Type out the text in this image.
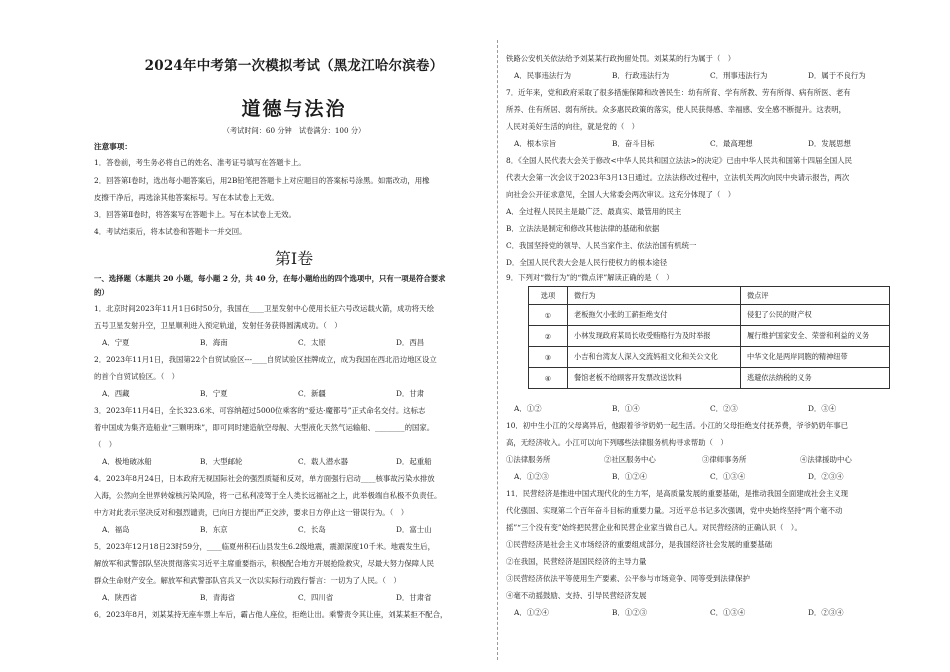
2024年中考第一次模拟考试（黑龙江哈尔滨卷）
道德与法治
（考试时间：60 分钟　试卷满分：100 分）
注意事项：
1．答卷前，考生务必将自己的姓名、准考证号填写在答题卡上。
2．回答第Ⅰ卷时，选出每小题答案后，用2B铅笔把答题卡上对应题目的答案标号涂黑。如需改动，用橡
皮擦干净后，再选涂其他答案标号。写在本试卷上无效。
3．回答第Ⅱ卷时，将答案写在答题卡上。写在本试卷上无效。
4．考试结束后，将本试卷和答题卡一并交回。
第Ⅰ卷
一、选择题（本题共 20 小题，每小题 2 分，共 40 分，在每小题给出的四个选项中，只有一项是符合要求
的）
1．北京时间2023年11月1日6时50分，我国在____卫星发射中心使用长征六号改运载火箭，成功将天绘
五号卫星发射升空，卫星顺利进入预定轨道，发射任务获得圆满成功。（　）
A．宁夏	B．海南	C．太原	D．西昌
2．2023年11月1日，我国第22个自贸试验区---____自贸试验区挂牌成立，成为我国在西北沿边地区设立
的首个自贸试验区。（　）
A．西藏	B．宁夏	C．新疆	D．甘肃
3．2023年11月4日，全长323.6米、可容纳超过5000位乘客的“爱达·魔都号”正式命名交付。这标志
着中国成为集齐造船业“三颗明珠”，即可同时建造航空母舰、大型液化天然气运输船、________的国家。
（　）
A．极地破冰船	B．大型邮轮	C．载人潜水器	D．起重船
4．2023年8月24日，日本政府无视国际社会的强烈质疑和反对，单方面强行启动____核事故污染水排放
入海，公然向全世界转嫁核污染风险，将一己私利凌驾于全人类长远福祉之上，此举极端自私极不负责任。
中方对此表示坚决反对和强烈谴责，已向日方提出严正交涉，要求日方停止这一错误行为。（　）
A．福岛	B．东京	C．长岛	D．富士山
5．2023年12月18日23时59分，____临夏州积石山县发生6.2级地震，震源深度10千米。地震发生后，
解放军和武警部队坚决贯彻落实习近平主席重要指示，积极配合地方开展抢险救灾，尽最大努力保障人民
群众生命财产安全。解放军和武警部队官兵又一次以实际行动践行誓言：一切为了人民。（　）
A．陕西省	B．青海省	C．四川省	D．甘肃省
6．2023年8月，刘某某持无座车票上车后，霸占他人座位，拒绝让出。乘警责令其让座，刘某某拒不配合，
铁路公安机关依法给予刘某某行政拘留处罚。刘某某的行为属于（　）
A．民事违法行为	B．行政违法行为	C．刑事违法行为	D．属于不良行为
7．近年来，党和政府采取了很多措施保障和改善民生：幼有所育、学有所教、劳有所得、病有所医、老有
所养、住有所居、弱有所扶。众多惠民政策的落实，使人民获得感、幸福感、安全感不断提升。这表明，
人民对美好生活的向往，就是党的（　）
A．根本宗旨	B．奋斗目标	C．最高理想	D．发展思想
8．《全国人民代表大会关于修改<中华人民共和国立法法>的决定》已由中华人民共和国第十四届全国人民
代表大会第一次会议于2023年3月13日通过。立法法修改过程中，立法机关两次向民中央请示报告，两次
向社会公开征求意见，全国人大常委会两次审议。这充分体现了（　）
A．全过程人民民主是最广泛、最真实、最管用的民主
B．立法法是制定和修改其他法律的基础和依据
C．我国坚持党的领导、人民当家作主、依法治国有机统一
D．全国人民代表大会是人民行使权力的根本途径
9．下列对“微行为”的“微点评”解读正确的是（　）
选项	微行为	微点评
①	老板拖欠小张的工薪拒绝支付	侵犯了公民的财产权
②	小林发现政府某局长收受贿赂行为及时举报	履行维护国家安全、荣誉和利益的义务
③	小吉和台湾友人深入交流妈祖文化和关公文化	中华文化是两岸同胞的精神纽带
④	餐馆老板不给顾客开发票改送饮料	逃避依法纳税的义务
A．①②	B．①④	C．②③	D．③④
10．初中生小江的父母离异后，他跟着爷爷奶奶一起生活。小江的父母拒绝支付抚养费，爷爷奶奶年事已
高，无经济收入。小江可以向下列哪些法律服务机构寻求帮助（　）
①法律服务所	②社区服务中心	③律师事务所	④法律援助中心
A．①②③	B．①②④	C．①③④	D．②③④
11．民营经济是推进中国式现代化的生力军，是高质量发展的重要基础，是推动我国全面建成社会主义现
代化强国、实现第二个百年奋斗目标的重要力量。习近平总书记多次强调，党中央始终坚持“两个毫不动
摇”“三个没有变”始终把民营企业和民营企业家当做自己人。对民营经济的正确认识（　）。
①民营经济是社会主义市场经济的重要组成部分，是我国经济社会发展的重要基础
②在我国，民营经济是国民经济的主导力量
③民营经济依法平等使用生产要素、公平参与市场竞争、同等受到法律保护
④毫不动摇鼓励、支持、引导民营经济发展
A．①②④	B．①②③	C．①③④	D．②③④
